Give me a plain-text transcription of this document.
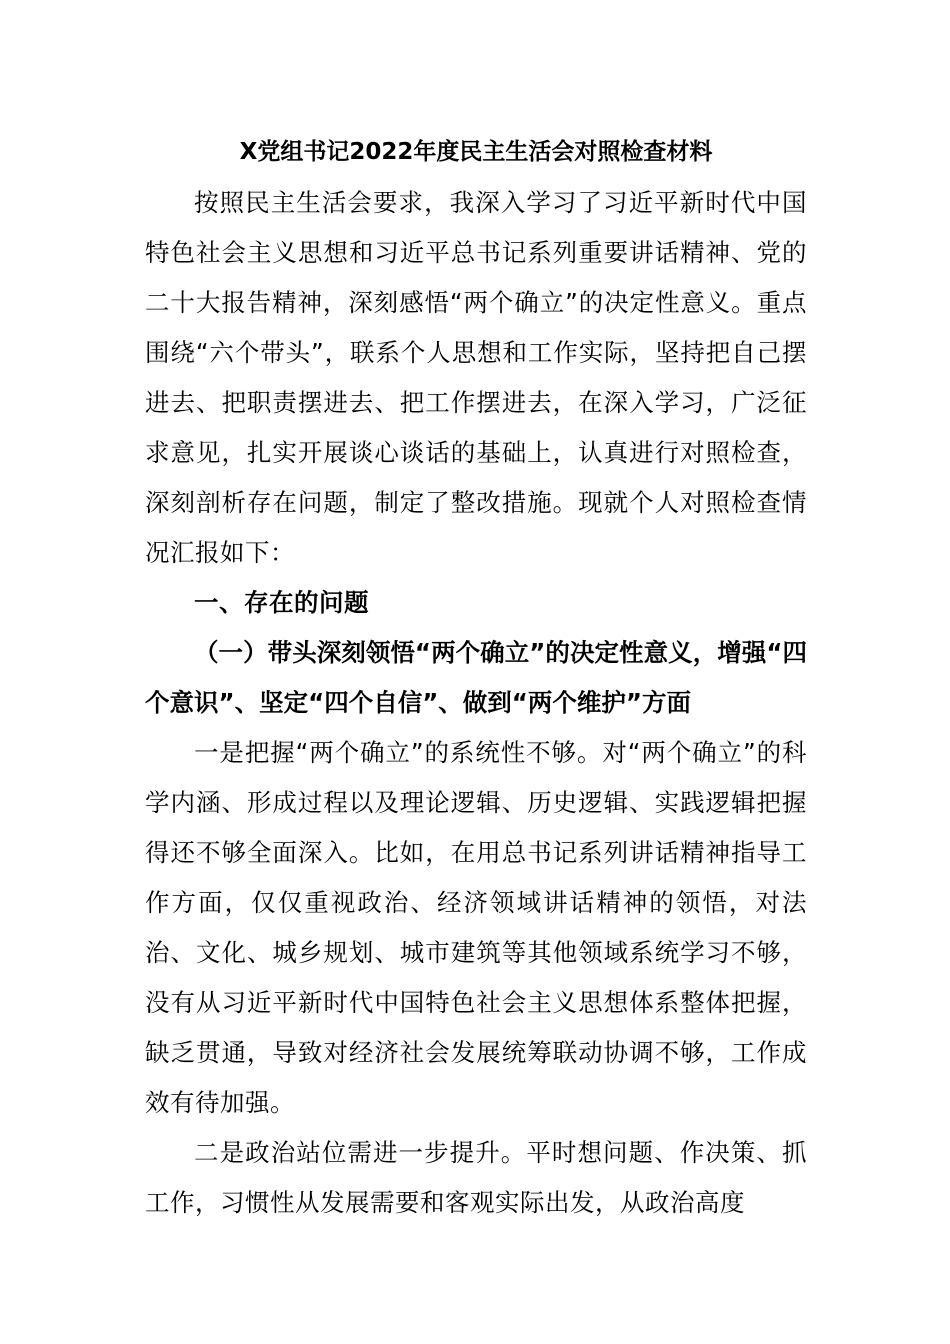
X党组书记2022年度民主生活会对照检查材料

按照民主生活会要求，我深入学习了习近平新时代中国特色社会主义思想和习近平总书记系列重要讲话精神、党的二十大报告精神，深刻感悟“两个确立”的决定性意义。重点围绕“六个带头”，联系个人思想和工作实际，坚持把自己摆进去、把职责摆进去、把工作摆进去，在深入学习，广泛征求意见，扎实开展谈心谈话的基础上，认真进行对照检查，深刻剖析存在问题，制定了整改措施。现就个人对照检查情况汇报如下：

一、存在的问题

（一）带头深刻领悟“两个确立”的决定性意义，增强“四个意识”、坚定“四个自信”、做到“两个维护”方面

一是把握“两个确立”的系统性不够。对“两个确立”的科学内涵、形成过程以及理论逻辑、历史逻辑、实践逻辑把握得还不够全面深入。比如，在用总书记系列讲话精神指导工作方面，仅仅重视政治、经济领域讲话精神的领悟，对法治、文化、城乡规划、城市建筑等其他领域系统学习不够，没有从习近平新时代中国特色社会主义思想体系整体把握，缺乏贯通，导致对经济社会发展统筹联动协调不够，工作成效有待加强。

二是政治站位需进一步提升。平时想问题、作决策、抓工作，习惯性从发展需要和客观实际出发，从政治高度
